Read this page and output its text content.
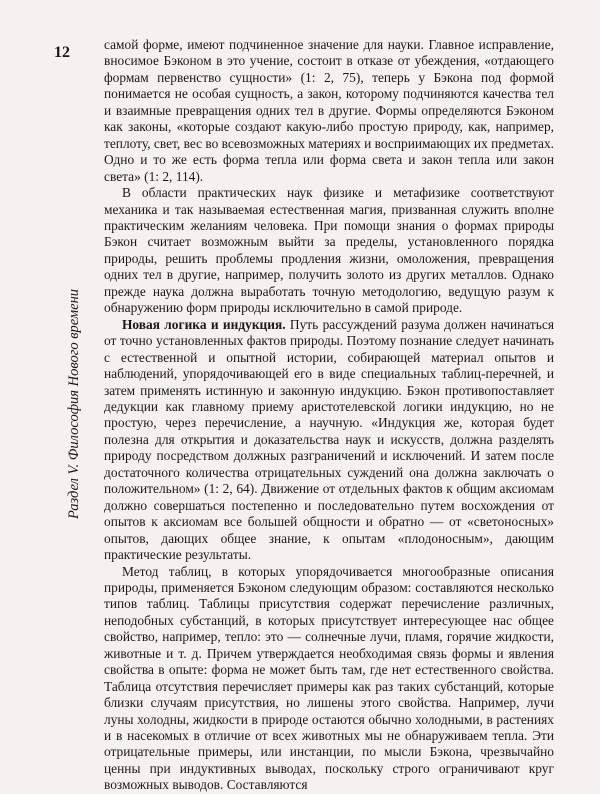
12
Раздел V. Философия Нового времени

самой форме, имеют подчиненное значение для науки. Главное исправление, вносимое Бэконом в это учение, состоит в отказе от убеждения, «отдающего формам первенство сущности» (1: 2, 75), теперь у Бэкона под формой понимается не особая сущность, а закон, которому подчиняются качества тел и взаимные превращения одних тел в другие. Формы определяются Бэконом как законы, «которые создают какую-либо простую природу, как, например, теплоту, свет, вес во всевозможных материях и восприимающих их предметах. Одно и то же есть форма тепла или форма света и закон тепла или закон света» (1: 2, 114).

В области практических наук физике и метафизике соответствуют механика и так называемая естественная магия, призванная служить вполне практическим желаниям человека. При помощи знания о формах природы Бэкон считает возможным выйти за пределы, установленного порядка природы, решить проблемы продления жизни, омоложения, превращения одних тел в другие, например, получить золото из других металлов. Однако прежде наука должна выработать точную методологию, ведущую разум к обнаружению форм природы исключительно в самой природе.

Новая логика и индукция. Путь рассуждений разума должен начинаться от точно установленных фактов природы. Поэтому познание следует начинать с естественной и опытной истории, собирающей материал опытов и наблюдений, упорядочивающей его в виде специальных таблиц-перечней, и затем применять истинную и законную индукцию. Бэкон противопоставляет дедукции как главному приему аристотелевской логики индукцию, но не простую, через перечисление, а научную. «Индукция же, которая будет полезна для открытия и доказательства наук и искусств, должна разделять природу посредством должных разграничений и исключений. И затем после достаточного количества отрицательных суждений она должна заключать о положительном» (1: 2, 64). Движение от отдельных фактов к общим аксиомам должно совершаться постепенно и последовательно путем восхождения от опытов к аксиомам все большей общности и обратно — от «светоносных» опытов, дающих общее знание, к опытам «плодоносным», дающим практические результаты.

Метод таблиц, в которых упорядочивается многообразные описания природы, применяется Бэконом следующим образом: составляются несколько типов таблиц. Таблицы присутствия содержат перечисление различных, неподобных субстанций, в которых присутствует интересующее нас общее свойство, например, тепло: это — солнечные лучи, пламя, горячие жидкости, животные и т. д. Причем утверждается необходимая связь формы и явления свойства в опыте: форма не может быть там, где нет естественного свойства. Таблица отсутствия перечисляет примеры как раз таких субстанций, которые близки случаям присутствия, но лишены этого свойства. Например, лучи луны холодны, жидкости в природе остаются обычно холодными, в растениях и в насекомых в отличие от всех животных мы не обнаруживаем тепла. Эти отрицательные примеры, или инстанции, по мысли Бэкона, чрезвычайно ценны при индуктивных выводах, поскольку строго ограничивают круг возможных выводов. Составляются
